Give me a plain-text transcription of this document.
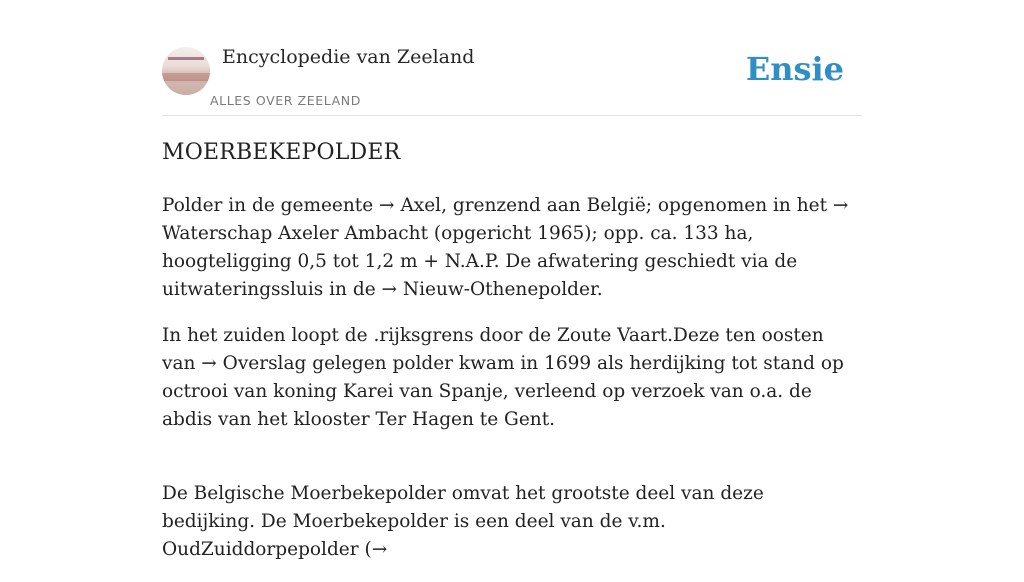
Encyclopedie van Zeeland
ALLES OVER ZEELAND
Ensie
MOERBEKEPOLDER

Polder in de gemeente → Axel, grenzend aan België; opgenomen in het → Waterschap Axeler Ambacht (opgericht 1965); opp. ca. 133 ha, hoogteligging 0,5 tot 1,2 m + N.A.P. De afwatering geschiedt via de uitwateringssluis in de → Nieuw-Othenepolder.

In het zuiden loopt de .rijksgrens door de Zoute Vaart.Deze ten oosten van → Overslag gelegen polder kwam in 1699 als herdijking tot stand op octrooi van koning Karei van Spanje, verleend op verzoek van o.a. de abdis van het klooster Ter Hagen te Gent.

De Belgische Moerbekepolder omvat het grootste deel van deze bedijking. De Moerbekepolder is een deel van de v.m. OudZuiddorpepolder (→
